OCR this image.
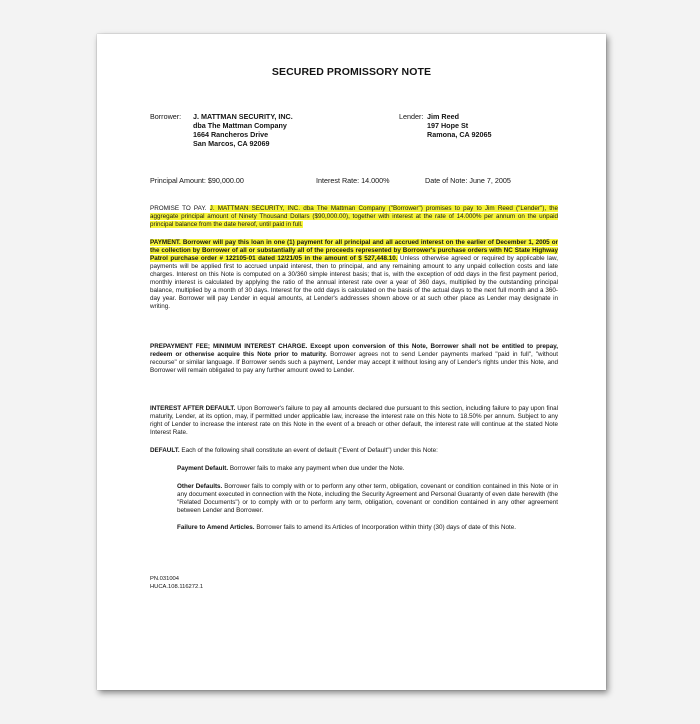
SECURED PROMISSORY NOTE
Borrower: J. MATTMAN SECURITY, INC.
dba The Mattman Company
1664 Rancheros Drive
San Marcos, CA 92069
Lender: Jim Reed
197 Hope St
Ramona, CA 92065
Principal Amount: $90,000.00	Interest Rate: 14.000%	Date of Note: June 7, 2005

PROMISE TO PAY. J. MATTMAN SECURITY, INC. dba The Mattman Company ("Borrower") promises to pay to Jim Reed ("Lender"), the aggregate principal amount of Ninety Thousand Dollars ($90,000.00), together with interest at the rate of 14.000% per annum on the unpaid principal balance from the date hereof, until paid in full.

PAYMENT. Borrower will pay this loan in one (1) payment for all principal and all accrued interest on the earlier of December 1, 2005 or the collection by Borrower of all or substantially all of the proceeds represented by Borrower's purchase orders with NC State Highway Patrol purchase order # 122105-01 dated 12/21/05 in the amount of $ 527,448.10. Unless otherwise agreed or required by applicable law, payments will be applied first to accrued unpaid interest, then to principal, and any remaining amount to any unpaid collection costs and late charges. Interest on this Note is computed on a 30/360 simple interest basis; that is, with the exception of odd days in the first payment period, monthly interest is calculated by applying the ratio of the annual interest rate over a year of 360 days, multiplied by the outstanding principal balance, multiplied by a month of 30 days. Interest for the odd days is calculated on the basis of the actual days to the next full month and a 360-day year. Borrower will pay Lender in equal amounts, at Lender's addresses shown above or at such other place as Lender may designate in writing.

PREPAYMENT FEE; MINIMUM INTEREST CHARGE. Except upon conversion of this Note, Borrower shall not be entitled to prepay, redeem or otherwise acquire this Note prior to maturity. Borrower agrees not to send Lender payments marked "paid in full", "without recourse" or similar language. If Borrower sends such a payment, Lender may accept it without losing any of Lender's rights under this Note, and Borrower will remain obligated to pay any further amount owed to Lender.

INTEREST AFTER DEFAULT. Upon Borrower's failure to pay all amounts declared due pursuant to this section, including failure to pay upon final maturity, Lender, at its option, may, if permitted under applicable law, increase the interest rate on this Note to 18.50% per annum. Subject to any right of Lender to increase the interest rate on this Note in the event of a breach or other default, the interest rate will continue at the stated Note Interest Rate.

DEFAULT. Each of the following shall constitute an event of default ("Event of Default") under this Note:

Payment Default. Borrower fails to make any payment when due under the Note.

Other Defaults. Borrower fails to comply with or to perform any other term, obligation, covenant or condition contained in this Note or in any document executed in connection with the Note, including the Security Agreement and Personal Guaranty of even date herewith (the "Related Documents") or to comply with or to perform any term, obligation, covenant or condition contained in any other agreement between Lender and Borrower.

Failure to Amend Articles. Borrower fails to amend its Articles of Incorporation within thirty (30) days of date of this Note.

PN.031004
HUCA.108.116272.1
